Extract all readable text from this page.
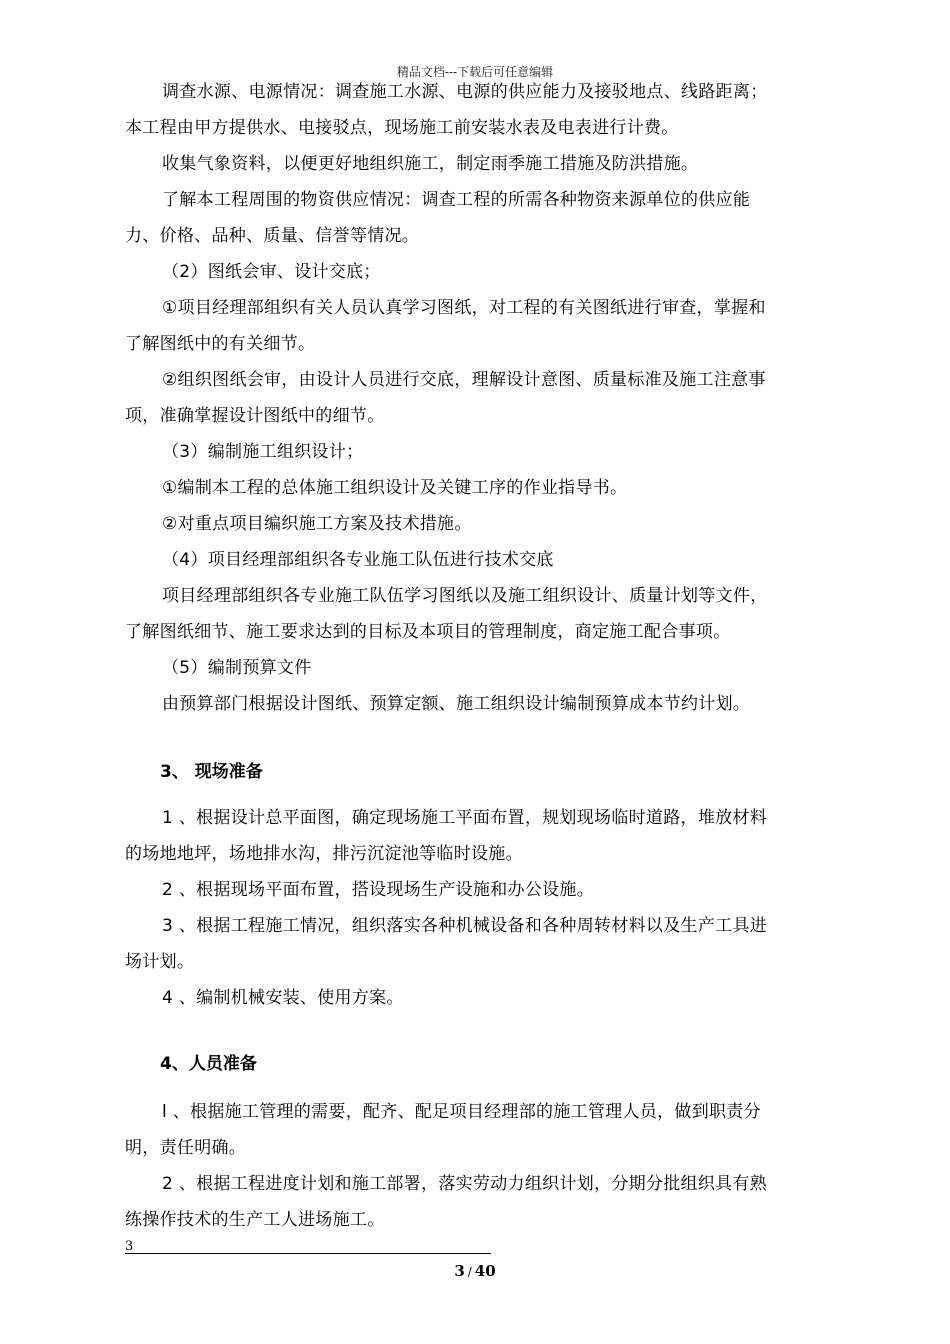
精品文档---下载后可任意编辑
调查水源、电源情况：调查施工水源、电源的供应能力及接驳地点、线路距离；
本工程由甲方提供水、电接驳点，现场施工前安装水表及电表进行计费。
收集气象资料，以便更好地组织施工，制定雨季施工措施及防洪措施。
了解本工程周围的物资供应情况：调查工程的所需各种物资来源单位的供应能
力、价格、品种、质量、信誉等情况。
（2）图纸会审、设计交底；
①项目经理部组织有关人员认真学习图纸，对工程的有关图纸进行审查，掌握和
了解图纸中的有关细节。
②组织图纸会审，由设计人员进行交底，理解设计意图、质量标准及施工注意事
项，准确掌握设计图纸中的细节。
（3）编制施工组织设计；
①编制本工程的总体施工组织设计及关键工序的作业指导书。
②对重点项目编织施工方案及技术措施。
（4）项目经理部组织各专业施工队伍进行技术交底
项目经理部组织各专业施工队伍学习图纸以及施工组织设计、质量计划等文件，
了解图纸细节、施工要求达到的目标及本项目的管理制度，商定施工配合事项。
（5）编制预算文件
由预算部门根据设计图纸、预算定额、施工组织设计编制预算成本节约计划。
3、 现场准备
1 、根据设计总平面图，确定现场施工平面布置，规划现场临时道路，堆放材料
的场地地坪，场地排水沟，排污沉淀池等临时设施。
2 、根据现场平面布置，搭设现场生产设施和办公设施。
3 、根据工程施工情况，组织落实各种机械设备和各种周转材料以及生产工具进
场计划。
4 、编制机械安装、使用方案。
4、人员准备
l 、根据施工管理的需要，配齐、配足项目经理部的施工管理人员，做到职责分
明，责任明确。
2 、根据工程进度计划和施工部署，落实劳动力组织计划，分期分批组织具有熟
练操作技术的生产工人进场施工。
3
3 / 40
